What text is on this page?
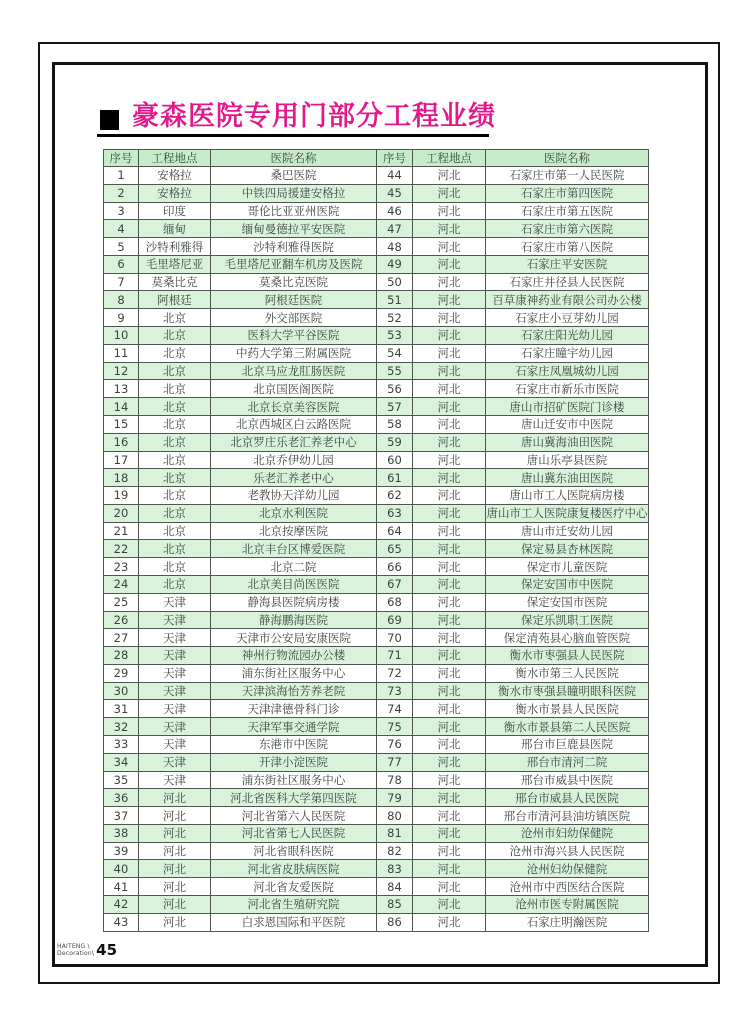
豪森医院专用门部分工程业绩
序号	工程地点	医院名称	序号	工程地点	医院名称
1	安格拉	桑巴医院	44	河北	石家庄市第一人民医院
2	安格拉	中铁四局援建安格拉	45	河北	石家庄市第四医院
3	印度	哥伦比亚亚州医院	46	河北	石家庄市第五医院
4	缅甸	缅甸曼德拉平安医院	47	河北	石家庄市第六医院
5	沙特利雅得	沙特利雅得医院	48	河北	石家庄市第八医院
6	毛里塔尼亚	毛里塔尼亚翻车机房及医院	49	河北	石家庄平安医院
7	莫桑比克	莫桑比克医院	50	河北	石家庄井径县人民医院
8	阿根廷	阿根廷医院	51	河北	百草康神药业有限公司办公楼
9	北京	外交部医院	52	河北	石家庄小豆芽幼儿园
10	北京	医科大学平谷医院	53	河北	石家庄阳光幼儿园
11	北京	中药大学第三附属医院	54	河北	石家庄瞳宇幼儿园
12	北京	北京马应龙肛肠医院	55	河北	石家庄凤凰城幼儿园
13	北京	北京国医阁医院	56	河北	石家庄市新乐市医院
14	北京	北京长京美容医院	57	河北	唐山市招矿医院门诊楼
15	北京	北京西城区白云路医院	58	河北	唐山迁安市中医院
16	北京	北京罗庄乐老汇养老中心	59	河北	唐山冀海油田医院
17	北京	北京乔伊幼儿园	60	河北	唐山乐亭县医院
18	北京	乐老汇养老中心	61	河北	唐山冀东油田医院
19	北京	老教协天洋幼儿园	62	河北	唐山市工人医院病房楼
20	北京	北京水利医院	63	河北	唐山市工人医院康复楼医疗中心
21	北京	北京按摩医院	64	河北	唐山市迁安幼儿园
22	北京	北京丰台区博爱医院	65	河北	保定易县杏林医院
23	北京	北京二院	66	河北	保定市儿童医院
24	北京	北京美目尚医医院	67	河北	保定安国市中医院
25	天津	静海县医院病房楼	68	河北	保定安国市医院
26	天津	静海鹏海医院	69	河北	保定乐凯职工医院
27	天津	天津市公安局安康医院	70	河北	保定清苑县心脑血管医院
28	天津	神州行物流园办公楼	71	河北	衡水市枣强县人民医院
29	天津	浦东街社区服务中心	72	河北	衡水市第三人民医院
30	天津	天津滨海怡芳养老院	73	河北	衡水市枣强县瞳明眼科医院
31	天津	天津津德骨科门诊	74	河北	衡水市景县人民医院
32	天津	天津军事交通学院	75	河北	衡水市景县第二人民医院
33	天津	东港市中医院	76	河北	邢台市巨鹿县医院
34	天津	开津小淀医院	77	河北	邢台市清河二院
35	天津	浦东街社区服务中心	78	河北	邢台市威县中医院
36	河北	河北省医科大学第四医院	79	河北	邢台市威县人民医院
37	河北	河北省第六人民医院	80	河北	邢台市清河县油坊镇医院
38	河北	河北省第七人民医院	81	河北	沧州市妇幼保健院
39	河北	河北省眼科医院	82	河北	沧州市海兴县人民医院
40	河北	河北省皮肤病医院	83	河北	沧州妇幼保健院
41	河北	河北省友爱医院	84	河北	沧州市中西医结合医院
42	河北	河北省生殖研究院	85	河北	沧州市医专附属医院
43	河北	白求恩国际和平医院	86	河北	石家庄明瀚医院
HAITENG \
Decoration\ 45
